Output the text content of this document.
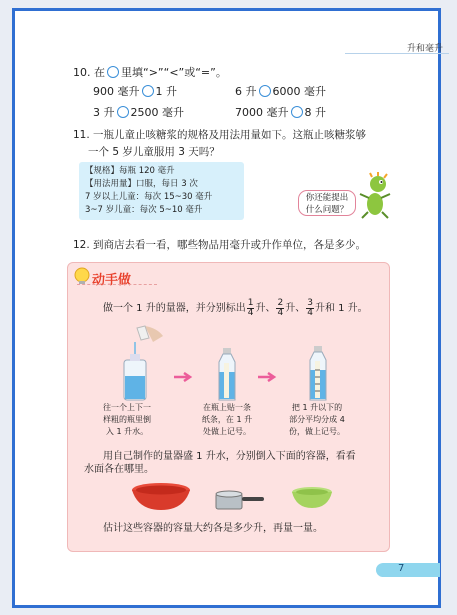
升和毫升
10. 在 里填“>”“<”或“=”。
900 毫升 1 升	6 升 6000 毫升
3 升 2500 毫升	7000 毫升 8 升
11. 一瓶儿童止咳糖浆的规格及用法用量如下。这瓶止咳糖浆够
一个 5 岁儿童服用 3 天吗？
【规格】每瓶 120 毫升
【用法用量】口服，每日 3 次
7 岁以上儿童：每次 15~30 毫升
3~7 岁儿童：每次 5~10 毫升
你还能提出
什么问题？
12. 到商店去看一看，哪些物品用毫升或升作单位，各是多少。
动手做
做一个 1 升的量器，并分别标出 $\frac{1}{4}$ 升、 $\frac{2}{4}$ 升、 $\frac{3}{4}$ 升和 1 升。
往一个上下一
样粗的瓶里倒
入 1 升水。
在瓶上贴一条
纸条，在 1 升
处做上记号。
把 1 升以下的
部分平均分成 4
份，做上记号。
用自己制作的量器盛 1 升水，分别倒入下面的容器，看看
水面各在哪里。
估计这些容器的容量大约各是多少升，再量一量。
7
